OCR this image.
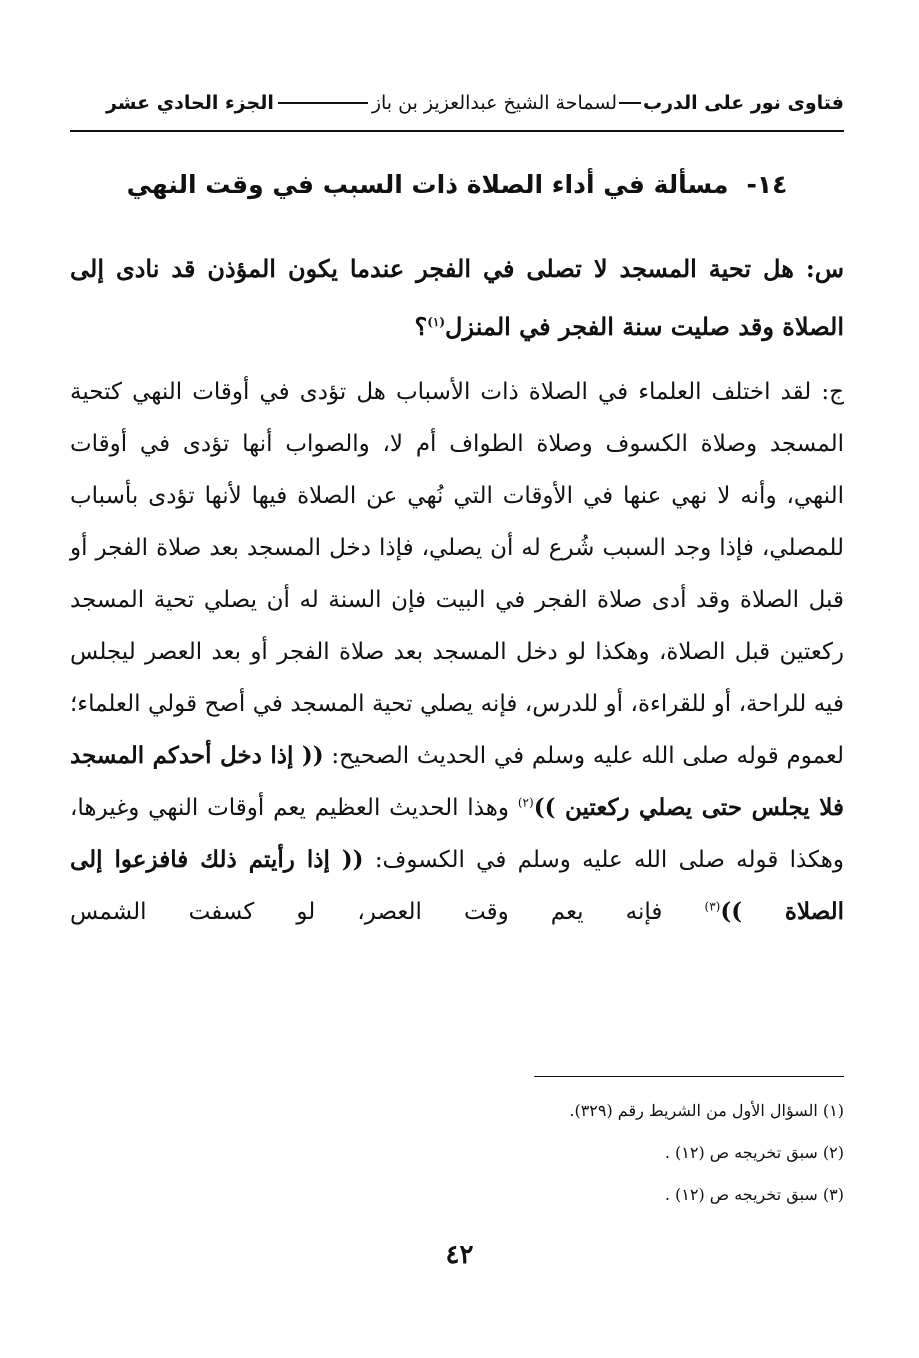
فتاوى نور على الدربلسماحة الشيخ عبدالعزيز بن بازالجزء الحادي عشر
١٤-مسألة في أداء الصلاة ذات السبب في وقت النهي
س: هل تحية المسجد لا تصلى في الفجر عندما يكون المؤذن قد نادى إلى الصلاة وقد صليت سنة الفجر في المنزل$^{(١)}$؟
ج: لقد اختلف العلماء في الصلاة ذات الأسباب هل تؤدى في أوقات النهي كتحية المسجد وصلاة الكسوف وصلاة الطواف أم لا، والصواب أنها تؤدى في أوقات النهي، وأنه لا نهي عنها في الأوقات التي نُهي عن الصلاة فيها لأنها تؤدى بأسباب للمصلي، فإذا وجد السبب شُرع له أن يصلي، فإذا دخل المسجد بعد صلاة الفجر أو قبل الصلاة وقد أدى صلاة الفجر في البيت فإن السنة له أن يصلي تحية المسجد ركعتين قبل الصلاة، وهكذا لو دخل المسجد بعد صلاة الفجر أو بعد العصر ليجلس فيه للراحة، أو للقراءة، أو للدرس، فإنه يصلي تحية المسجد في أصح قولي العلماء؛ لعموم قوله صلى الله عليه وسلم في الحديث الصحيح: (( إذا دخل أحدكم المسجد فلا يجلس حتى يصلي ركعتين ))$^{(٢)}$ وهذا الحديث العظيم يعم أوقات النهي وغيرها، وهكذا قوله صلى الله عليه وسلم في الكسوف: (( إذا رأيتم ذلك فافزعوا إلى الصلاة ))$^{(٣)}$ فإنه يعم وقت العصر، لو كسفت الشمس
(١) السؤال الأول من الشريط رقم (٣٢٩).
(٢) سبق تخريجه ص (١٢) .
(٣) سبق تخريجه ص (١٢) .
٤٢
